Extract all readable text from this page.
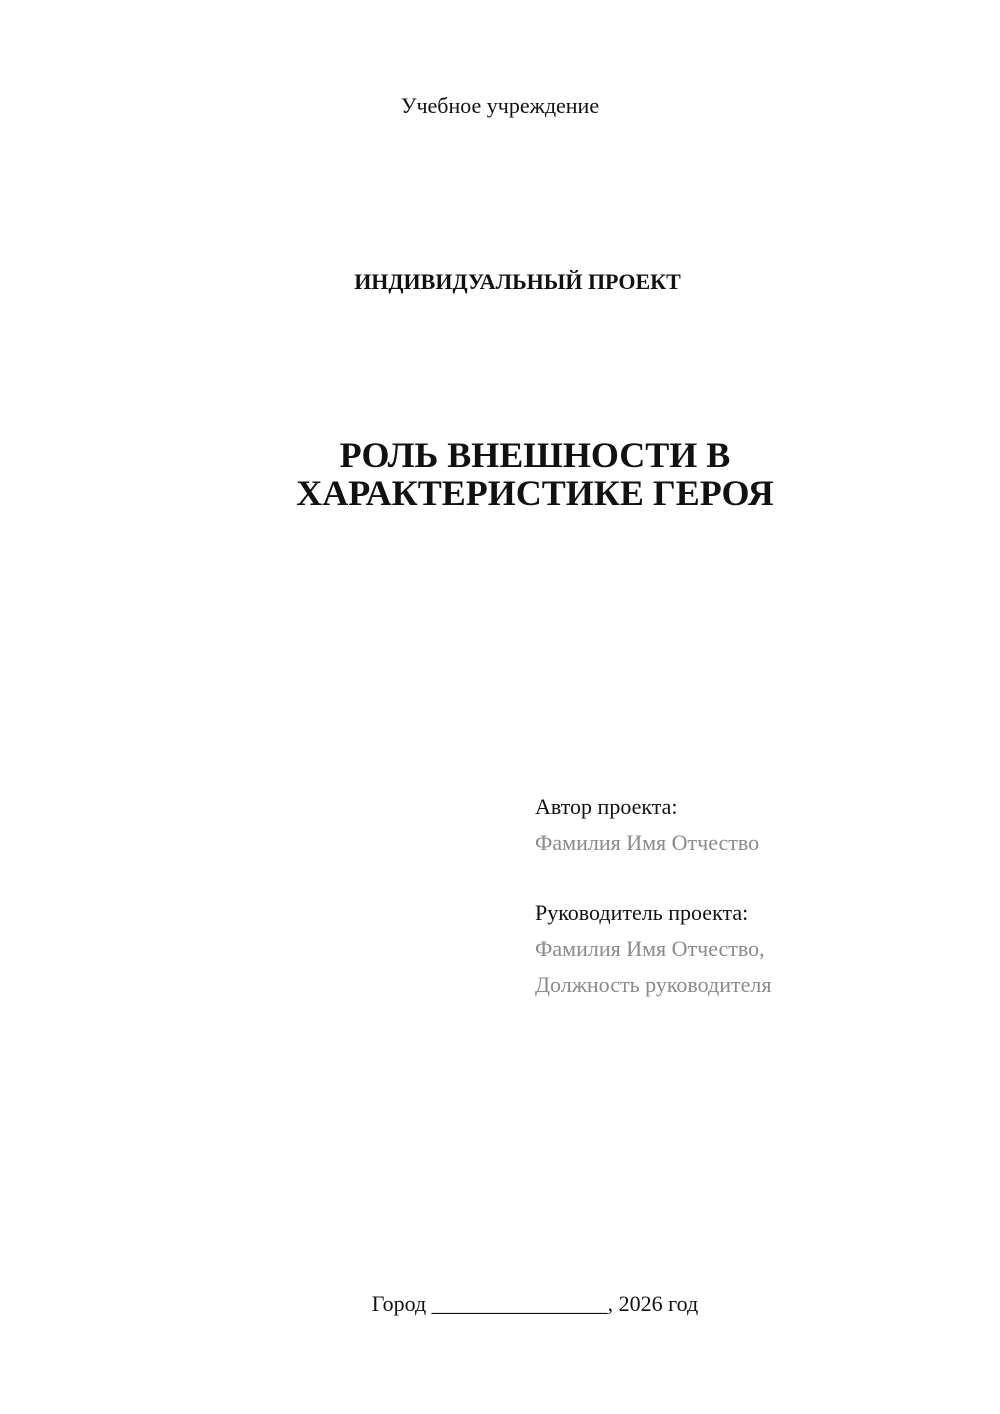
Учебное учреждение
ИНДИВИДУАЛЬНЫЙ ПРОЕКТ
РОЛЬ ВНЕШНОСТИ В
ХАРАКТЕРИСТИКЕ ГЕРОЯ
Автор проекта:
Фамилия Имя Отчество
Руководитель проекта:
Фамилия Имя Отчество,
Должность руководителя
Город ________________, 2026 год
